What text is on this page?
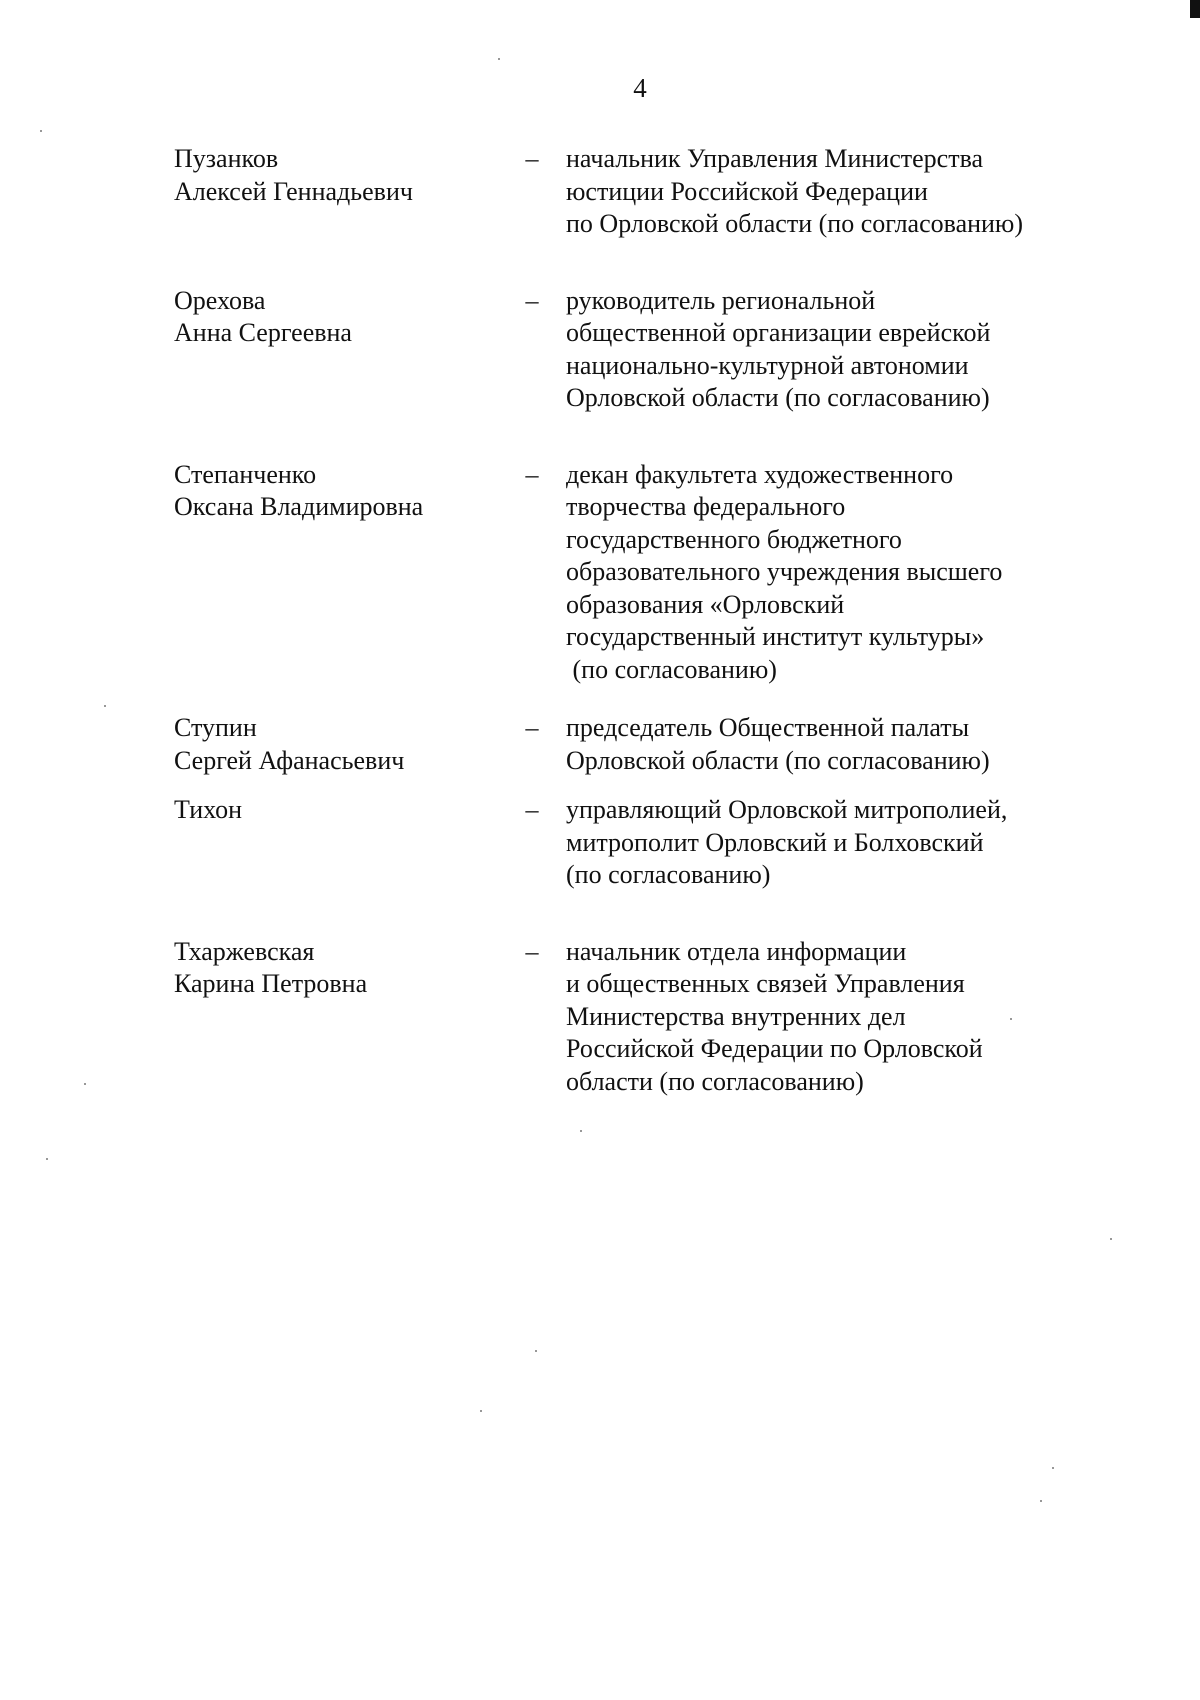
4
Пузанков
Алексей Геннадьевич
– начальник Управления Министерства
юстиции Российской Федерации
по Орловской области (по согласованию)
Орехова
Анна Сергеевна
– руководитель региональной
общественной организации еврейской
национально-культурной автономии
Орловской области (по согласованию)
Степанченко
Оксана Владимировна
– декан факультета художественного
творчества федерального
государственного бюджетного
образовательного учреждения высшего
образования «Орловский
государственный институт культуры»
(по согласованию)
Ступин
Сергей Афанасьевич
– председатель Общественной палаты
Орловской области (по согласованию)
Тихон	– управляющий Орловской митрополией,
митрополит Орловский и Болховский
(по согласованию)
Тхаржевская
Карина Петровна
– начальник отдела информации
и общественных связей Управления
Министерства внутренних дел
Российской Федерации по Орловской
области (по согласованию)
